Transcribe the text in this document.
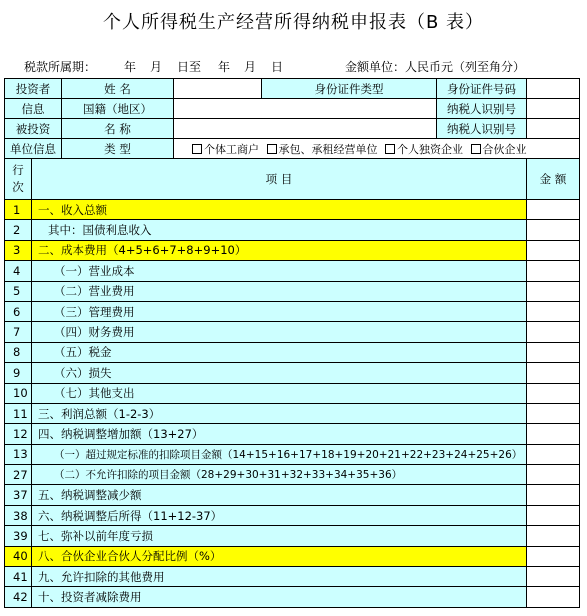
个人所得税生产经营所得纳税申报表（B 表）
税款所属期： 年 月 日至 年 月 日	金额单位：人民币元（列至角分）
投资者		姓 名		身份证件类型	身份证件号码	
信息		国籍（地区）			纳税人识别号	
被投资		名 称			纳税人识别号	
单位信息		类 型	个体工商户 承包、承租经营单位 个人独资企业 合伙企业			

行
次	项 目					金 额
1	一、收入总额					
2	其中：国债利息收入					
3	二、成本费用（4+5+6+7+8+9+10）					
4	（一）营业成本					
5	（二）营业费用					
6	（三）管理费用					
7	（四）财务费用					
8	（五）税金					
9	（六）损失					
10	（七）其他支出					
11	三、利润总额（1-2-3）					
12	四、纳税调整增加额（13+27）					
13	（一）超过规定标准的扣除项目金额（14+15+16+17+18+19+20+21+22+23+24+25+26）					
27	（二）不允许扣除的项目金额（28+29+30+31+32+33+34+35+36）					
37	五、纳税调整减少额					
38	六、纳税调整后所得（11+12-37）					
39	七、弥补以前年度亏损					
40	八、合伙企业合伙人分配比例（%）					
41	九、允许扣除的其他费用					
42	十、投资者减除费用					
